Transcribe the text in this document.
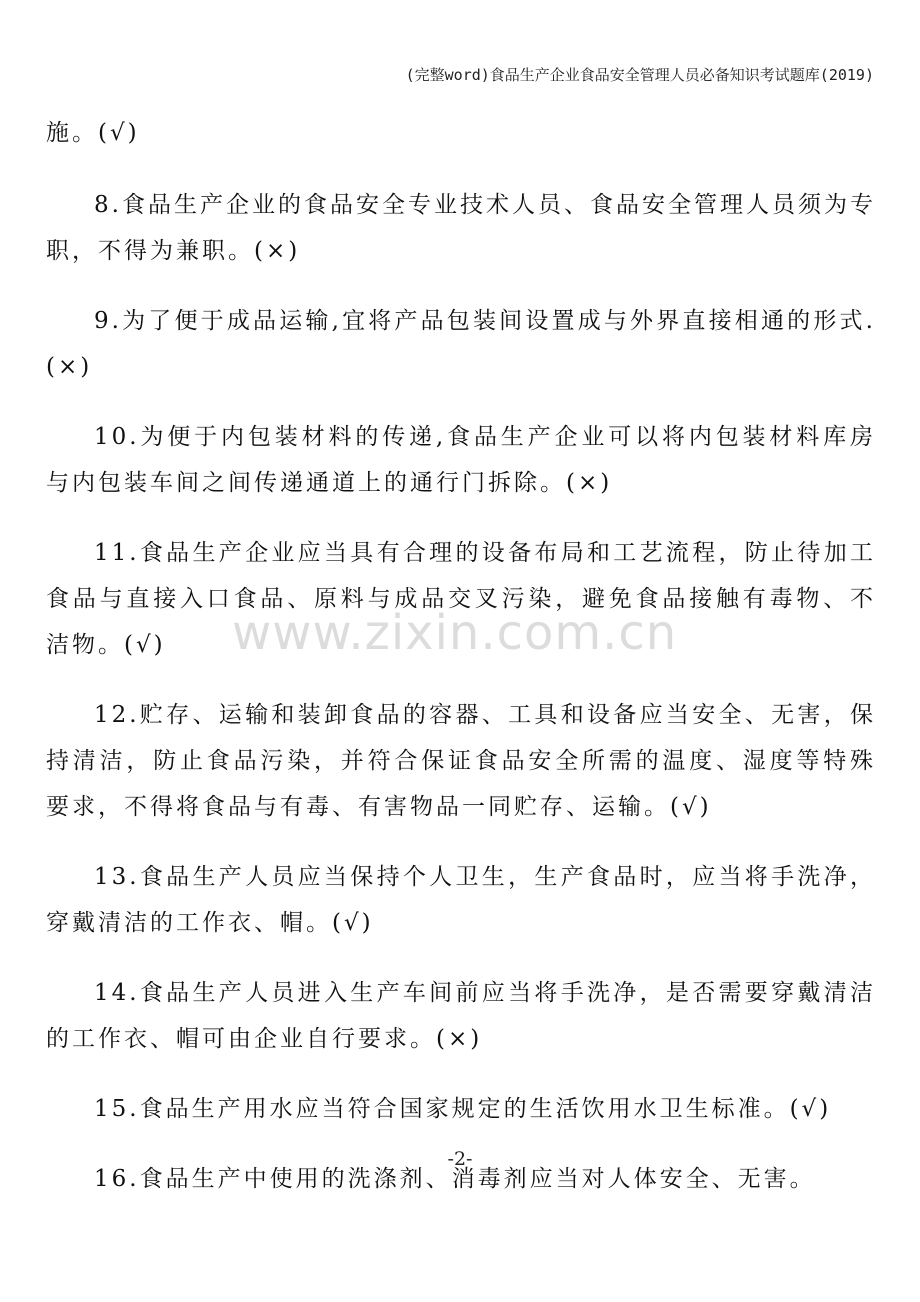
(完整word)食品生产企业食品安全管理人员必备知识考试题库(2019)

施。(√)

8.食品生产企业的食品安全专业技术人员、食品安全管理人员须为专职，不得为兼职。(×)

9.为了便于成品运输,宜将产品包装间设置成与外界直接相通的形式.(×)

10.为便于内包装材料的传递,食品生产企业可以将内包装材料库房与内包装车间之间传递通道上的通行门拆除。(×)

11.食品生产企业应当具有合理的设备布局和工艺流程，防止待加工食品与直接入口食品、原料与成品交叉污染，避免食品接触有毒物、不洁物。(√)

12.贮存、运输和装卸食品的容器、工具和设备应当安全、无害，保持清洁，防止食品污染，并符合保证食品安全所需的温度、湿度等特殊要求，不得将食品与有毒、有害物品一同贮存、运输。(√)

13.食品生产人员应当保持个人卫生，生产食品时，应当将手洗净，穿戴清洁的工作衣、帽。(√)

14.食品生产人员进入生产车间前应当将手洗净，是否需要穿戴清洁的工作衣、帽可由企业自行要求。(×)

15.食品生产用水应当符合国家规定的生活饮用水卫生标准。(√)

16.食品生产中使用的洗涤剂、消毒剂应当对人体安全、无害。

www.zixin.com.cn
-2-
